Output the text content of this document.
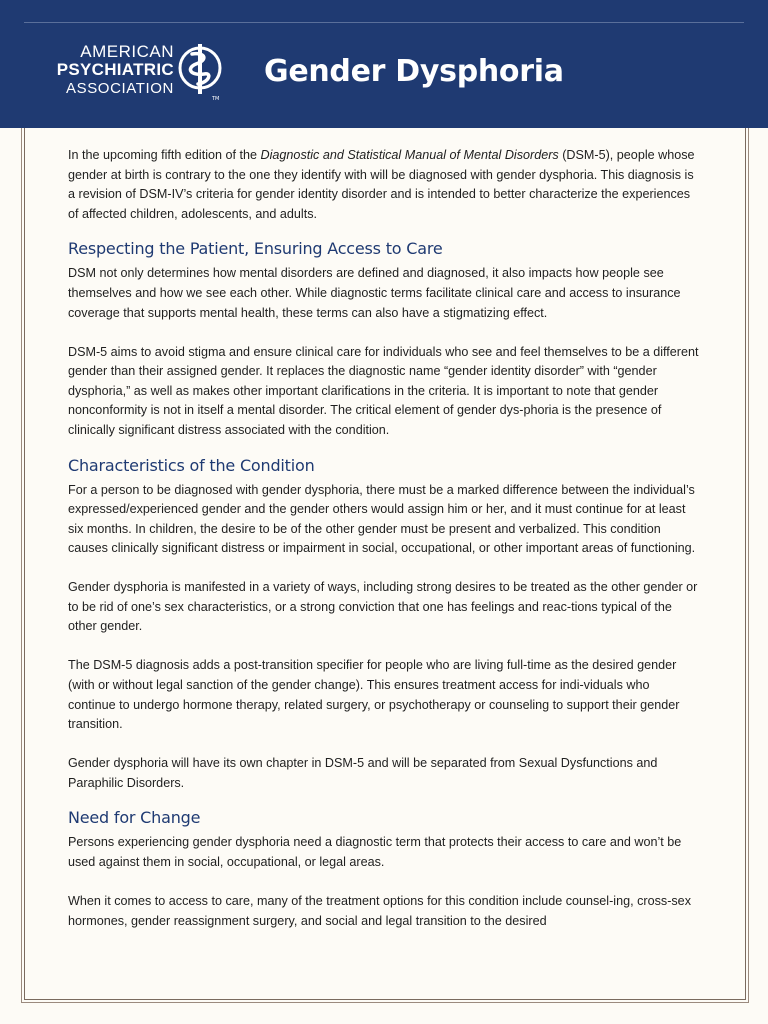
AMERICAN
PSYCHIATRIC
ASSOCIATION
TM
Gender Dysphoria

In the upcoming fifth edition of the Diagnostic and Statistical Manual of Mental Disorders (DSM-5), people whose gender at birth is contrary to the one they identify with will be diagnosed with gender dysphoria. This diagnosis is a revision of DSM-IV’s criteria for gender identity disorder and is intended to better characterize the experiences of affected children, adolescents, and adults.

Respecting the Patient, Ensuring Access to Care

DSM not only determines how mental disorders are defined and diagnosed, it also impacts how people see themselves and how we see each other. While diagnostic terms facilitate clinical care and access to insurance coverage that supports mental health, these terms can also have a stigmatizing effect.

DSM-5 aims to avoid stigma and ensure clinical care for individuals who see and feel themselves to be a different gender than their assigned gender. It replaces the diagnostic name “gender identity disorder” with “gender dysphoria,” as well as makes other important clarifications in the criteria. It is important to note that gender nonconformity is not in itself a mental disorder. The critical element of gender dys-phoria is the presence of clinically significant distress associated with the condition.

Characteristics of the Condition

For a person to be diagnosed with gender dysphoria, there must be a marked difference between the individual’s expressed/experienced gender and the gender others would assign him or her, and it must continue for at least six months. In children, the desire to be of the other gender must be present and verbalized. This condition causes clinically significant distress or impairment in social, occupational, or other important areas of functioning.

Gender dysphoria is manifested in a variety of ways, including strong desires to be treated as the other gender or to be rid of one’s sex characteristics, or a strong conviction that one has feelings and reac-tions typical of the other gender.

The DSM-5 diagnosis adds a post-transition specifier for people who are living full-time as the desired gender (with or without legal sanction of the gender change). This ensures treatment access for indi-viduals who continue to undergo hormone therapy, related surgery, or psychotherapy or counseling to support their gender transition.

Gender dysphoria will have its own chapter in DSM-5 and will be separated from Sexual Dysfunctions and Paraphilic Disorders.

Need for Change

Persons experiencing gender dysphoria need a diagnostic term that protects their access to care and won’t be used against them in social, occupational, or legal areas.

When it comes to access to care, many of the treatment options for this condition include counsel-ing, cross-sex hormones, gender reassignment surgery, and social and legal transition to the desired
